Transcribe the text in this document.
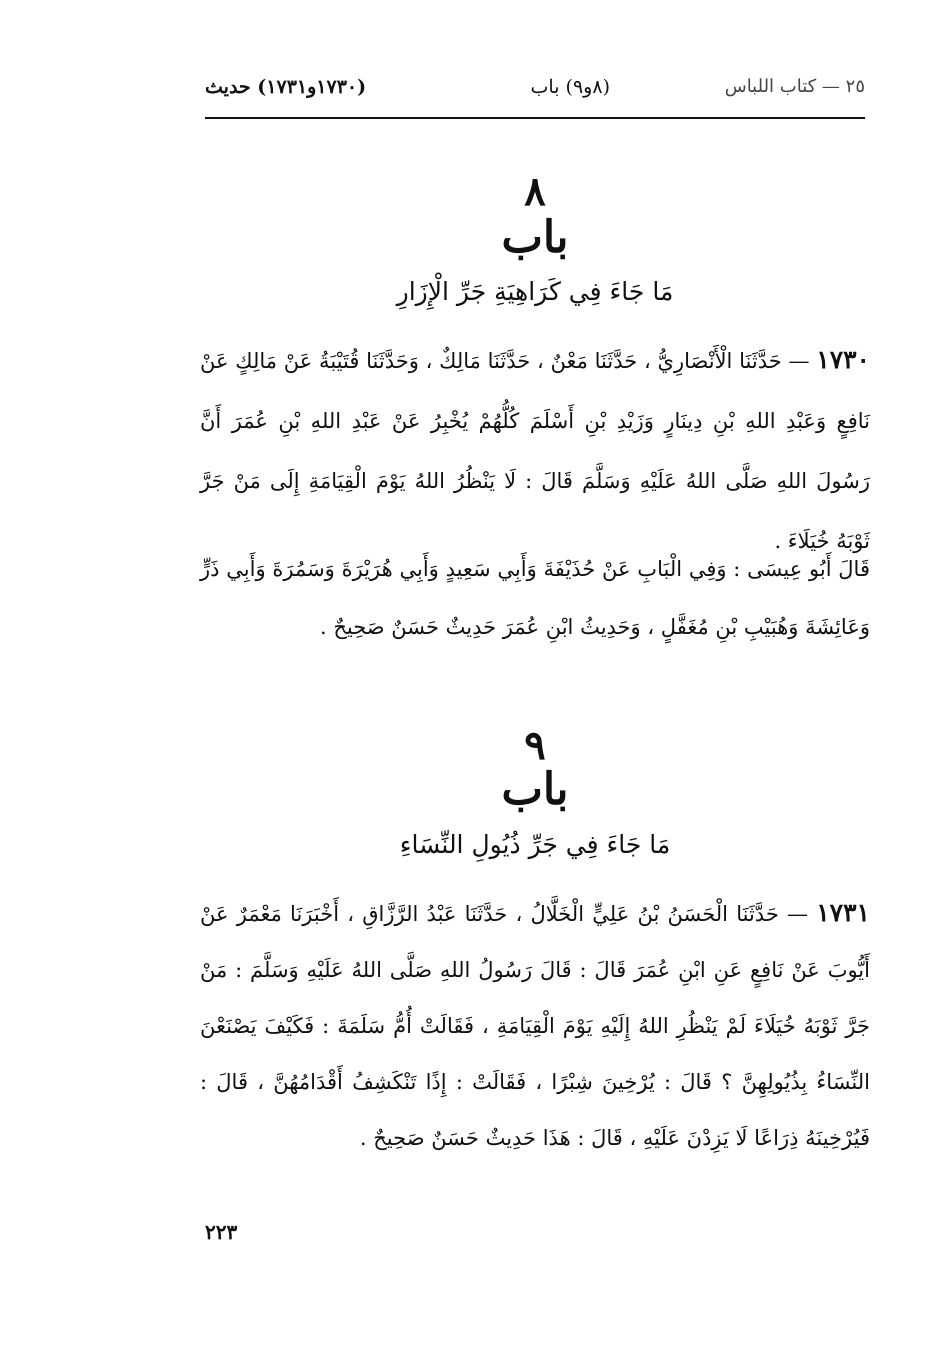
٢٥ — كتاب اللباس
(٨و٩) باب
(١٧٣٠و١٧٣١) حديث
٨
باب
مَا جَاءَ فِي كَرَاهِيَةِ جَرِّ الْإِزَارِ
١٧٣٠ — حَدَّثَنَا الْأَنْصَارِيُّ ، حَدَّثَنَا مَعْنٌ ، حَدَّثَنَا مَالِكٌ ، وَحَدَّثَنَا قُتَيْبَةُ عَنْ مَالِكٍ عَنْ نَافِعٍ وَعَبْدِ اللهِ بْنِ دِينَارٍ وَزَيْدِ بْنِ أَسْلَمَ كُلُّهُمْ يُخْبِرُ عَنْ عَبْدِ اللهِ بْنِ عُمَرَ أَنَّ رَسُولَ اللهِ صَلَّى اللهُ عَلَيْهِ وَسَلَّمَ قَالَ : لَا يَنْظُرُ اللهُ يَوْمَ الْقِيَامَةِ إِلَى مَنْ جَرَّ ثَوْبَهُ خُيَلَاءَ .
قَالَ أَبُو عِيسَى : وَفِي الْبَابِ عَنْ حُذَيْفَةَ وَأَبِي سَعِيدٍ وَأَبِي هُرَيْرَةَ وَسَمُرَةَ وَأَبِي ذَرٍّ وَعَائِشَةَ وَهُبَيْبِ بْنِ مُغَفَّلٍ ، وَحَدِيثُ ابْنِ عُمَرَ حَدِيثٌ حَسَنٌ صَحِيحٌ .
٩
باب
مَا جَاءَ فِي جَرِّ ذُيُولِ النِّسَاءِ
١٧٣١ — حَدَّثَنَا الْحَسَنُ بْنُ عَلِيٍّ الْخَلَّالُ ، حَدَّثَنَا عَبْدُ الرَّزَّاقِ ، أَخْبَرَنَا مَعْمَرٌ عَنْ أَيُّوبَ عَنْ نَافِعٍ عَنِ ابْنِ عُمَرَ قَالَ : قَالَ رَسُولُ اللهِ صَلَّى اللهُ عَلَيْهِ وَسَلَّمَ : مَنْ جَرَّ ثَوْبَهُ خُيَلَاءَ لَمْ يَنْظُرِ اللهُ إِلَيْهِ يَوْمَ الْقِيَامَةِ ، فَقَالَتْ أُمُّ سَلَمَةَ : فَكَيْفَ يَصْنَعْنَ النِّسَاءُ بِذُيُولِهِنَّ ؟ قَالَ : يُرْخِينَ شِبْرًا ، فَقَالَتْ : إِذًا تَنْكَشِفُ أَقْدَامُهُنَّ ، قَالَ : فَيُرْخِينَهُ ذِرَاعًا لَا يَزِدْنَ عَلَيْهِ ، قَالَ : هَذَا حَدِيثٌ حَسَنٌ صَحِيحٌ .
٢٢٣
